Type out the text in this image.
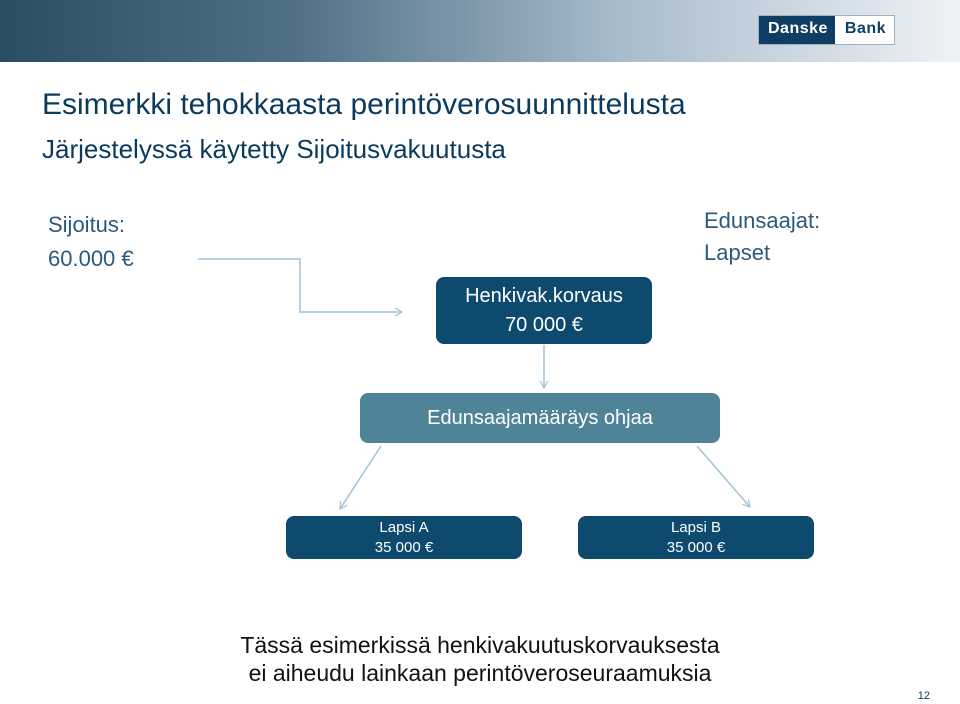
Danske	Bank
Esimerkki tehokkaasta perintöverosuunnittelusta
Järjestelyssä käytetty Sijoitusvakuutusta
Sijoitus:
60.000 €
Edunsaajat:
Lapset
Henkivak.korvaus
70 000 €
Edunsaajamääräys ohjaa
Lapsi A
35 000 €
Lapsi B
35 000 €
Tässä esimerkissä henkivakuutuskorvauksesta
ei aiheudu lainkaan perintöveroseuraamuksia
12
